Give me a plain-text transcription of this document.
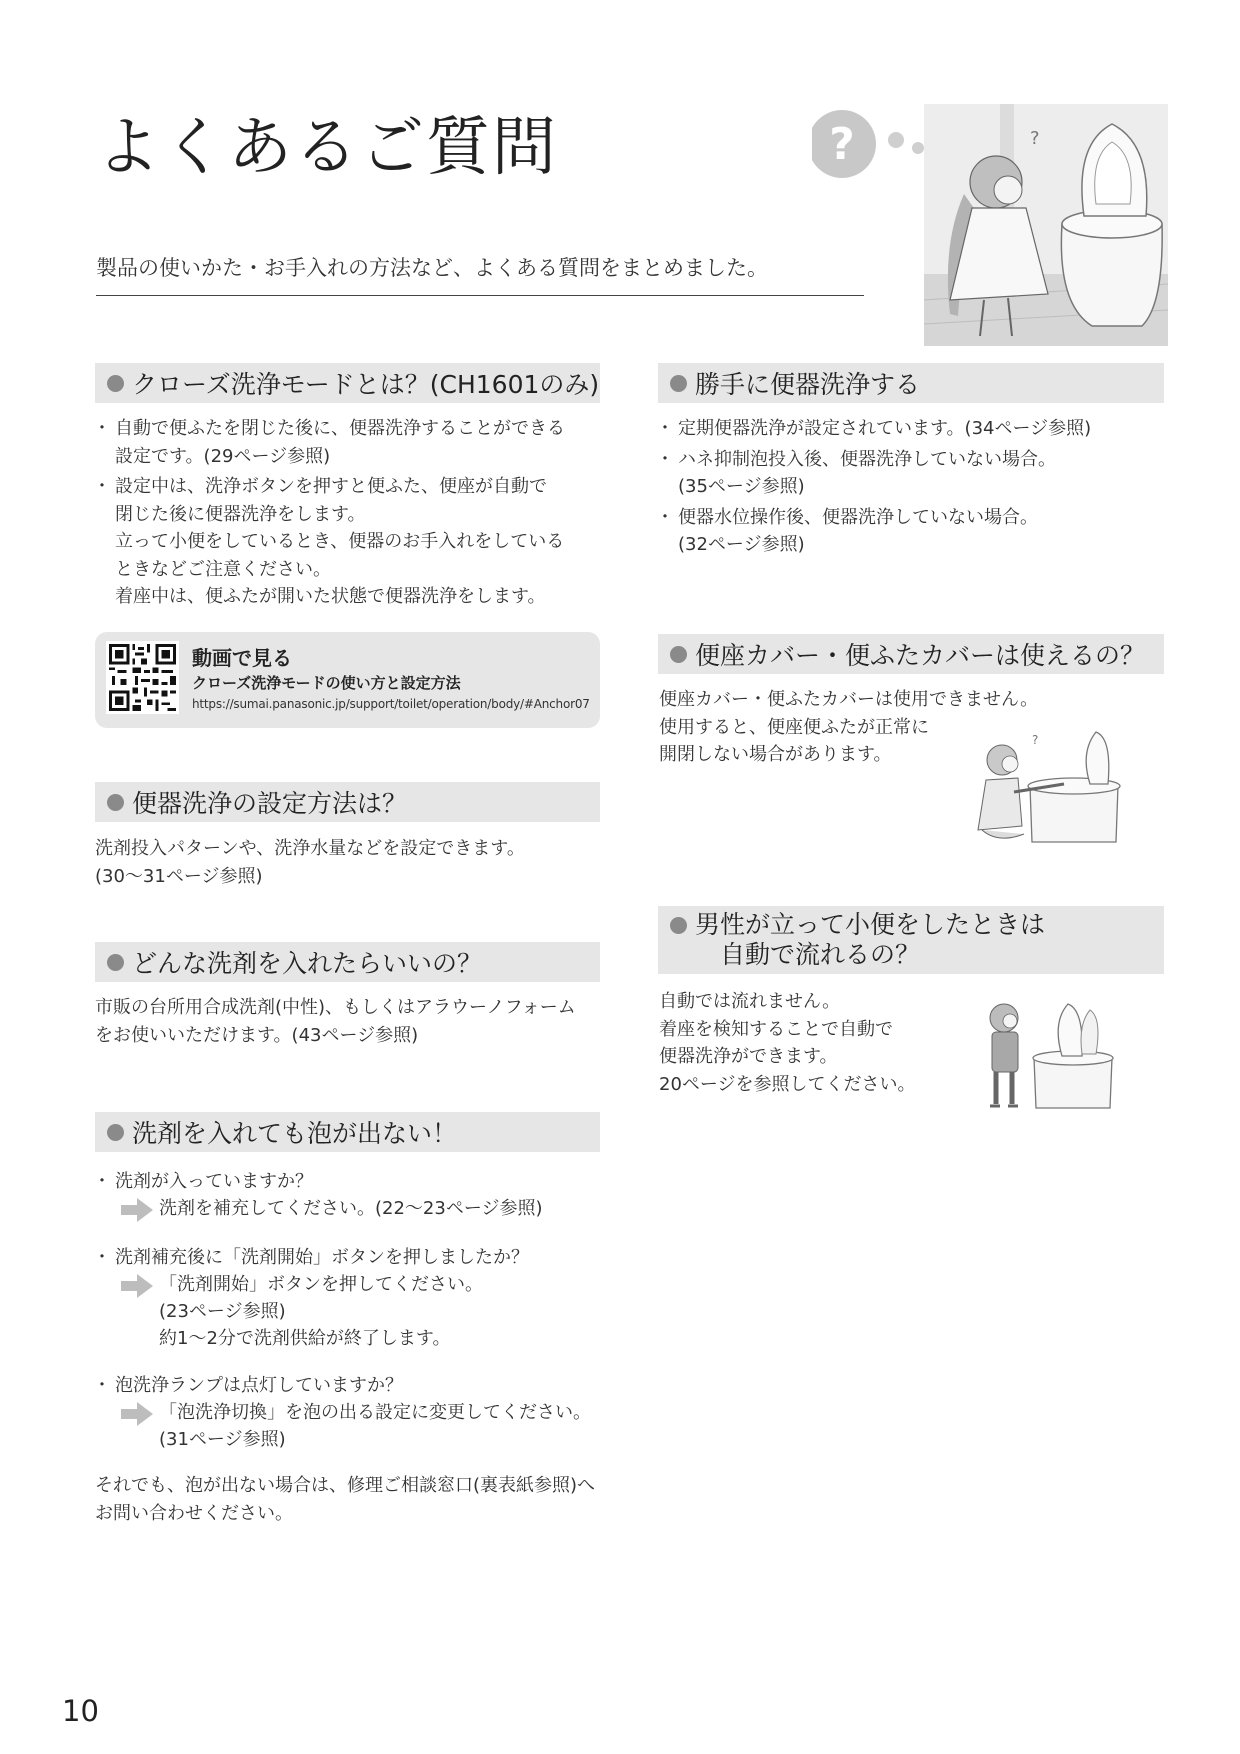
よくあるご質問
製品の使いかた・お手入れの方法など、よくある質問をまとめました。
?	?
クローズ洗浄モードとは？(CH1601のみ)
・ 自動で便ふたを閉じた後に、便器洗浄することができる
設定です。(29ページ参照)
・ 設定中は、洗浄ボタンを押すと便ふた、便座が自動で
閉じた後に便器洗浄をします。
立って小便をしているとき、便器のお手入れをしている
ときなどご注意ください。
着座中は、便ふたが開いた状態で便器洗浄をします。
動画で見る
クローズ洗浄モードの使い方と設定方法
https://sumai.panasonic.jp/support/toilet/operation/body/#Anchor07
便器洗浄の設定方法は？
洗剤投入パターンや、洗浄水量などを設定できます。
(30〜31ページ参照)
どんな洗剤を入れたらいいの？
市販の台所用合成洗剤(中性)、もしくはアラウーノフォーム
をお使いいただけます。(43ページ参照)
洗剤を入れても泡が出ない！
・ 洗剤が入っていますか？
洗剤を補充してください。(22〜23ページ参照)
・ 洗剤補充後に「洗剤開始」ボタンを押しましたか？
「洗剤開始」ボタンを押してください。
(23ページ参照)
約1〜2分で洗剤供給が終了します。
・ 泡洗浄ランプは点灯していますか？
「泡洗浄切換」を泡の出る設定に変更してください。
(31ページ参照)
それでも、泡が出ない場合は、修理ご相談窓口(裏表紙参照)へ
お問い合わせください。
勝手に便器洗浄する
・ 定期便器洗浄が設定されています。(34ページ参照)
・ ハネ抑制泡投入後、便器洗浄していない場合。
(35ページ参照)
・ 便器水位操作後、便器洗浄していない場合。
(32ページ参照)
便座カバー・便ふたカバーは使えるの？
便座カバー・便ふたカバーは使用できません。
使用すると、便座便ふたが正常に
開閉しない場合があります。
?
男性が立って小便をしたときは
自動で流れるの？
自動では流れません。
着座を検知することで自動で
便器洗浄ができます。
20ページを参照してください。
10
